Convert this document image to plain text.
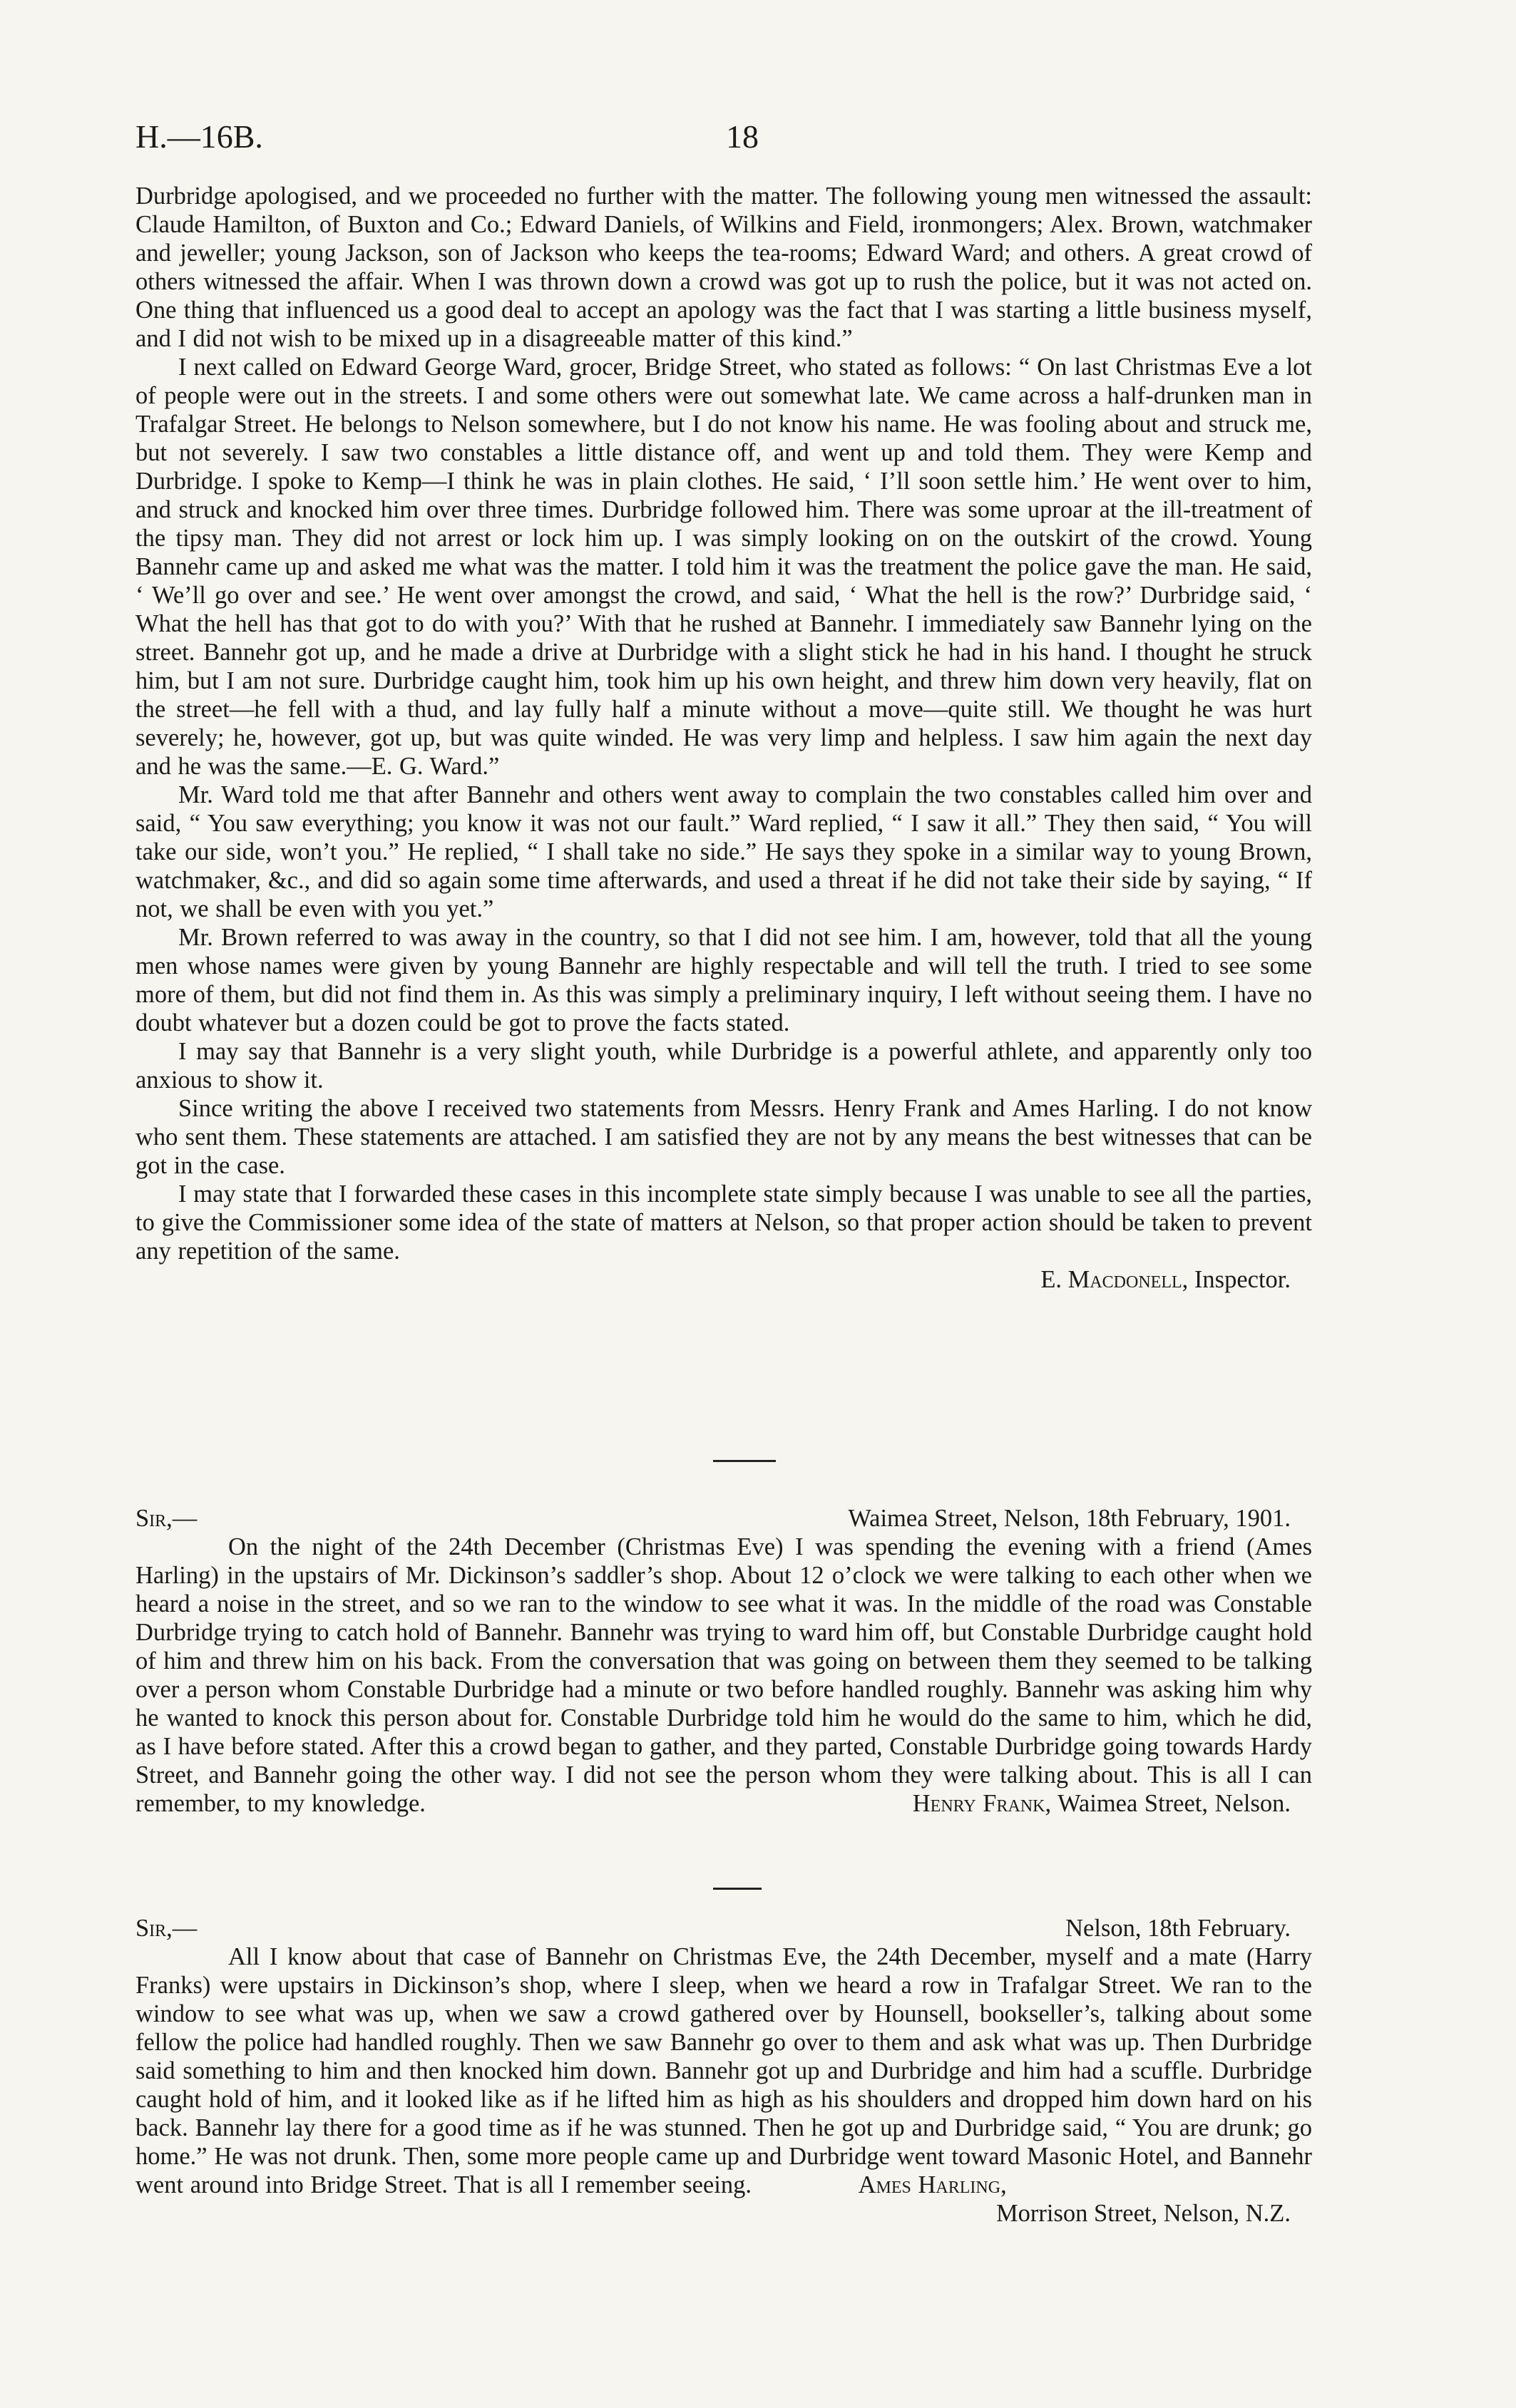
H.—16B.	18

Durbridge apologised, and we proceeded no further with the matter. The following young men witnessed the assault: Claude Hamilton, of Buxton and Co.; Edward Daniels, of Wilkins and Field, ironmongers; Alex. Brown, watchmaker and jeweller; young Jackson, son of Jackson who keeps the tea-rooms; Edward Ward; and others. A great crowd of others witnessed the affair. When I was thrown down a crowd was got up to rush the police, but it was not acted on. One thing that influenced us a good deal to accept an apology was the fact that I was starting a little business myself, and I did not wish to be mixed up in a disagreeable matter of this kind.”

I next called on Edward George Ward, grocer, Bridge Street, who stated as follows: “ On last Christmas Eve a lot of people were out in the streets. I and some others were out somewhat late. We came across a half-drunken man in Trafalgar Street. He belongs to Nelson somewhere, but I do not know his name. He was fooling about and struck me, but not severely. I saw two constables a little distance off, and went up and told them. They were Kemp and Durbridge. I spoke to Kemp—I think he was in plain clothes. He said, ‘ I’ll soon settle him.’ He went over to him, and struck and knocked him over three times. Durbridge followed him. There was some uproar at the ill-treatment of the tipsy man. They did not arrest or lock him up. I was simply looking on on the outskirt of the crowd. Young Bannehr came up and asked me what was the matter. I told him it was the treatment the police gave the man. He said, ‘ We’ll go over and see.’ He went over amongst the crowd, and said, ‘ What the hell is the row?’ Durbridge said, ‘ What the hell has that got to do with you?’ With that he rushed at Bannehr. I immediately saw Bannehr lying on the street. Bannehr got up, and he made a drive at Durbridge with a slight stick he had in his hand. I thought he struck him, but I am not sure. Durbridge caught him, took him up his own height, and threw him down very heavily, flat on the street—he fell with a thud, and lay fully half a minute without a move—quite still. We thought he was hurt severely; he, however, got up, but was quite winded. He was very limp and helpless. I saw him again the next day and he was the same.—E. G. Ward.”

Mr. Ward told me that after Bannehr and others went away to complain the two constables called him over and said, “ You saw everything; you know it was not our fault.” Ward replied, “ I saw it all.” They then said, “ You will take our side, won’t you.” He replied, “ I shall take no side.” He says they spoke in a similar way to young Brown, watchmaker, &c., and did so again some time afterwards, and used a threat if he did not take their side by saying, “ If not, we shall be even with you yet.”

Mr. Brown referred to was away in the country, so that I did not see him. I am, however, told that all the young men whose names were given by young Bannehr are highly respectable and will tell the truth. I tried to see some more of them, but did not find them in. As this was simply a preliminary inquiry, I left without seeing them. I have no doubt whatever but a dozen could be got to prove the facts stated.

I may say that Bannehr is a very slight youth, while Durbridge is a powerful athlete, and apparently only too anxious to show it.

Since writing the above I received two statements from Messrs. Henry Frank and Ames Harling. I do not know who sent them. These statements are attached. I am satisfied they are not by any means the best witnesses that can be got in the case.

I may state that I forwarded these cases in this incomplete state simply because I was unable to see all the parties, to give the Commissioner some idea of the state of matters at Nelson, so that proper action should be taken to prevent any repetition of the same.

E. Macdonell, Inspector.
Sir,—	Waimea Street, Nelson, 18th February, 1901.

On the night of the 24th December (Christmas Eve) I was spending the evening with a friend (Ames Harling) in the upstairs of Mr. Dickinson’s saddler’s shop. About 12 o’clock we were talking to each other when we heard a noise in the street, and so we ran to the window to see what it was. In the middle of the road was Constable Durbridge trying to catch hold of Bannehr. Bannehr was trying to ward him off, but Constable Durbridge caught hold of him and threw him on his back. From the conversation that was going on between them they seemed to be talking over a person whom Constable Durbridge had a minute or two before handled roughly. Bannehr was asking him why he wanted to knock this person about for. Constable Durbridge told him he would do the same to him, which he did, as I have before stated. After this a crowd began to gather, and they parted, Constable Durbridge going towards Hardy Street, and Bannehr going the other way. I did not see the person whom they were talking about. This is all I can remember, to my knowledge.	Henry Frank, Waimea Street, Nelson.

Sir,—	Nelson, 18th February.

All I know about that case of Bannehr on Christmas Eve, the 24th December, myself and a mate (Harry Franks) were upstairs in Dickinson’s shop, where I sleep, when we heard a row in Trafalgar Street. We ran to the window to see what was up, when we saw a crowd gathered over by Hounsell, bookseller’s, talking about some fellow the police had handled roughly. Then we saw Bannehr go over to them and ask what was up. Then Durbridge said something to him and then knocked him down. Bannehr got up and Durbridge and him had a scuffle. Durbridge caught hold of him, and it looked like as if he lifted him as high as his shoulders and dropped him down hard on his back. Bannehr lay there for a good time as if he was stunned. Then he got up and Durbridge said, “ You are drunk; go home.” He was not drunk. Then, some more people came up and Durbridge went toward Masonic Hotel, and Bannehr went around into Bridge Street. That is all I remember seeing.	Ames Harling,

Morrison Street, Nelson, N.Z.
